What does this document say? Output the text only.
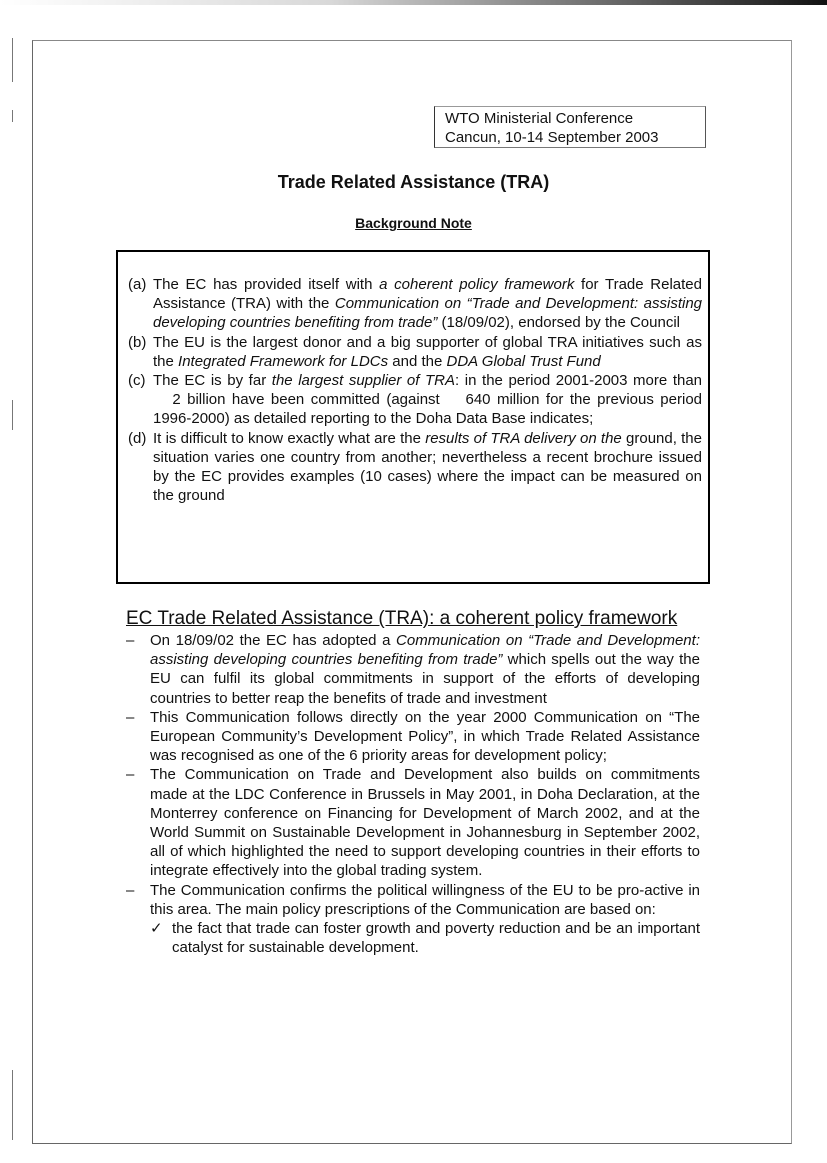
WTO Ministerial Conference
Cancun, 10-14 September 2003
Trade Related Assistance (TRA)
Background Note
(a) The EC has provided itself with a coherent policy framework for Trade Related Assistance (TRA) with the Communication on “Trade and Development: assisting developing countries benefiting from trade” (18/09/02), endorsed by the Council
(b) The EU is the largest donor and a big supporter of global TRA initiatives such as the Integrated Framework for LDCs and the DDA Global Trust Fund
(c) The EC is by far the largest supplier of TRA: in the period 2001-2003 more than    2 billion have been committed (against    640 million for the previous period 1996-2000) as detailed reporting to the Doha Data Base indicates;
(d) It is difficult to know exactly what are the results of TRA delivery on the ground, the situation varies one country from another; nevertheless a recent brochure issued by the EC provides examples (10 cases) where the impact can be measured on the ground
EC Trade Related Assistance (TRA): a coherent policy framework
– On 18/09/02 the EC has adopted a Communication on “Trade and Development: assisting developing countries benefiting from trade” which spells out the way the EU can fulfil its global commitments in support of the efforts of developing countries to better reap the benefits of trade and investment
– This Communication follows directly on the year 2000 Communication on “The European Community’s Development Policy”, in which Trade Related Assistance was recognised as one of the 6 priority areas for development policy;
– The Communication on Trade and Development also builds on commitments made at the LDC Conference in Brussels in May 2001, in Doha Declaration, at the Monterrey conference on Financing for Development of March 2002, and at the World Summit on Sustainable Development in Johannesburg in September 2002, all of which highlighted the need to support developing countries in their efforts to integrate effectively into the global trading system.
– The Communication confirms the political willingness of the EU to be pro-active in this area. The main policy prescriptions of the Communication are based on:
✓ the fact that trade can foster growth and poverty reduction and be an important catalyst for sustainable development.
